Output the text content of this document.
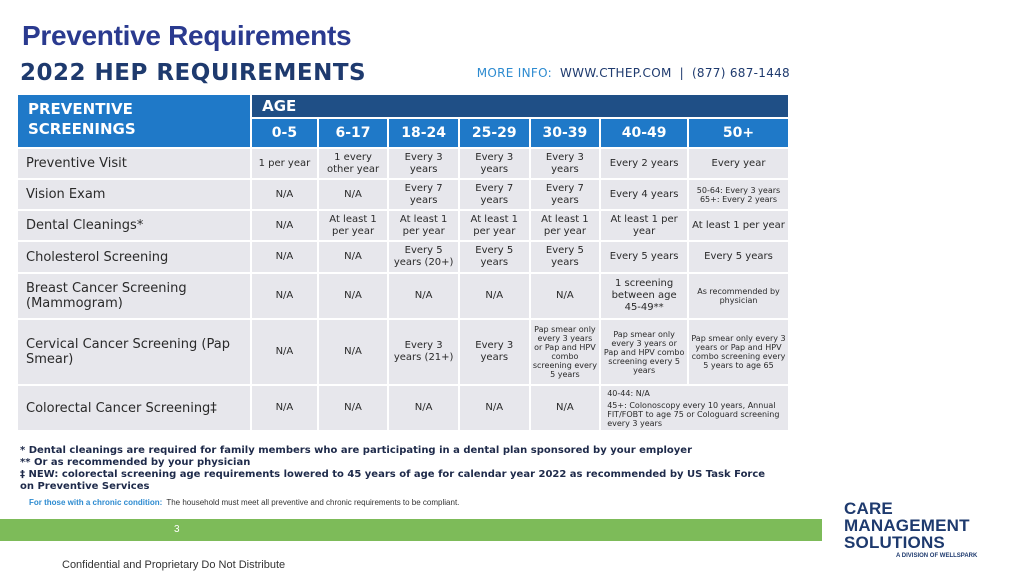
Preventive Requirements
2022 HEP REQUIREMENTS	MORE INFO: WWW.CTHEP.COM | (877) 687-1448
PREVENTIVE
SCREENINGS	AGE						
	0-5	6-17	18-24	25-29	30-39	40-49	50+
Preventive Visit	1 per year	1 every other year	Every 3 years	Every 3 years	Every 3 years	Every 2 years	Every year
Vision Exam	N/A	N/A	Every 7 years	Every 7 years	Every 7 years	Every 4 years	50-64: Every 3 years 65+: Every 2 years
Dental Cleanings*	N/A	At least 1 per year	At least 1 per year	At least 1 per year	At least 1 per year	At least 1 per year	At least 1 per year
Cholesterol Screening	N/A	N/A	Every 5 years (20+)	Every 5 years	Every 5 years	Every 5 years	Every 5 years
Breast Cancer Screening (Mammogram)	N/A	N/A	N/A	N/A	N/A	1 screening between age 45-49**	As recommended by physician
Cervical Cancer Screening (Pap Smear)	N/A	N/A	Every 3 years (21+)	Every 3 years	Pap smear only every 3 years or Pap and HPV combo screening every 5 years	Pap smear only every 3 years or Pap and HPV combo screening every 5 years	Pap smear only every 3 years or Pap and HPV combo screening every 5 years to age 65
Colorectal Cancer Screening‡	N/A	N/A	N/A	N/A	N/A	40-44: N/A
45+: Colonoscopy every 10 years, Annual FIT/FOBT to age 75 or Cologuard screening every 3 years	
* Dental cleanings are required for family members who are participating in a dental plan sponsored by your employer
** Or as recommended by your physician
‡ NEW: colorectal screening age requirements lowered to 45 years of age for calendar year 2022 as recommended by US Task Force on Preventive Services
For those with a chronic condition: The household must meet all preventive and chronic requirements to be compliant.
3
CARE
MANAGEMENT
SOLUTIONS
A DIVISION OF WELLSPARK
Confidential and Proprietary Do Not Distribute
